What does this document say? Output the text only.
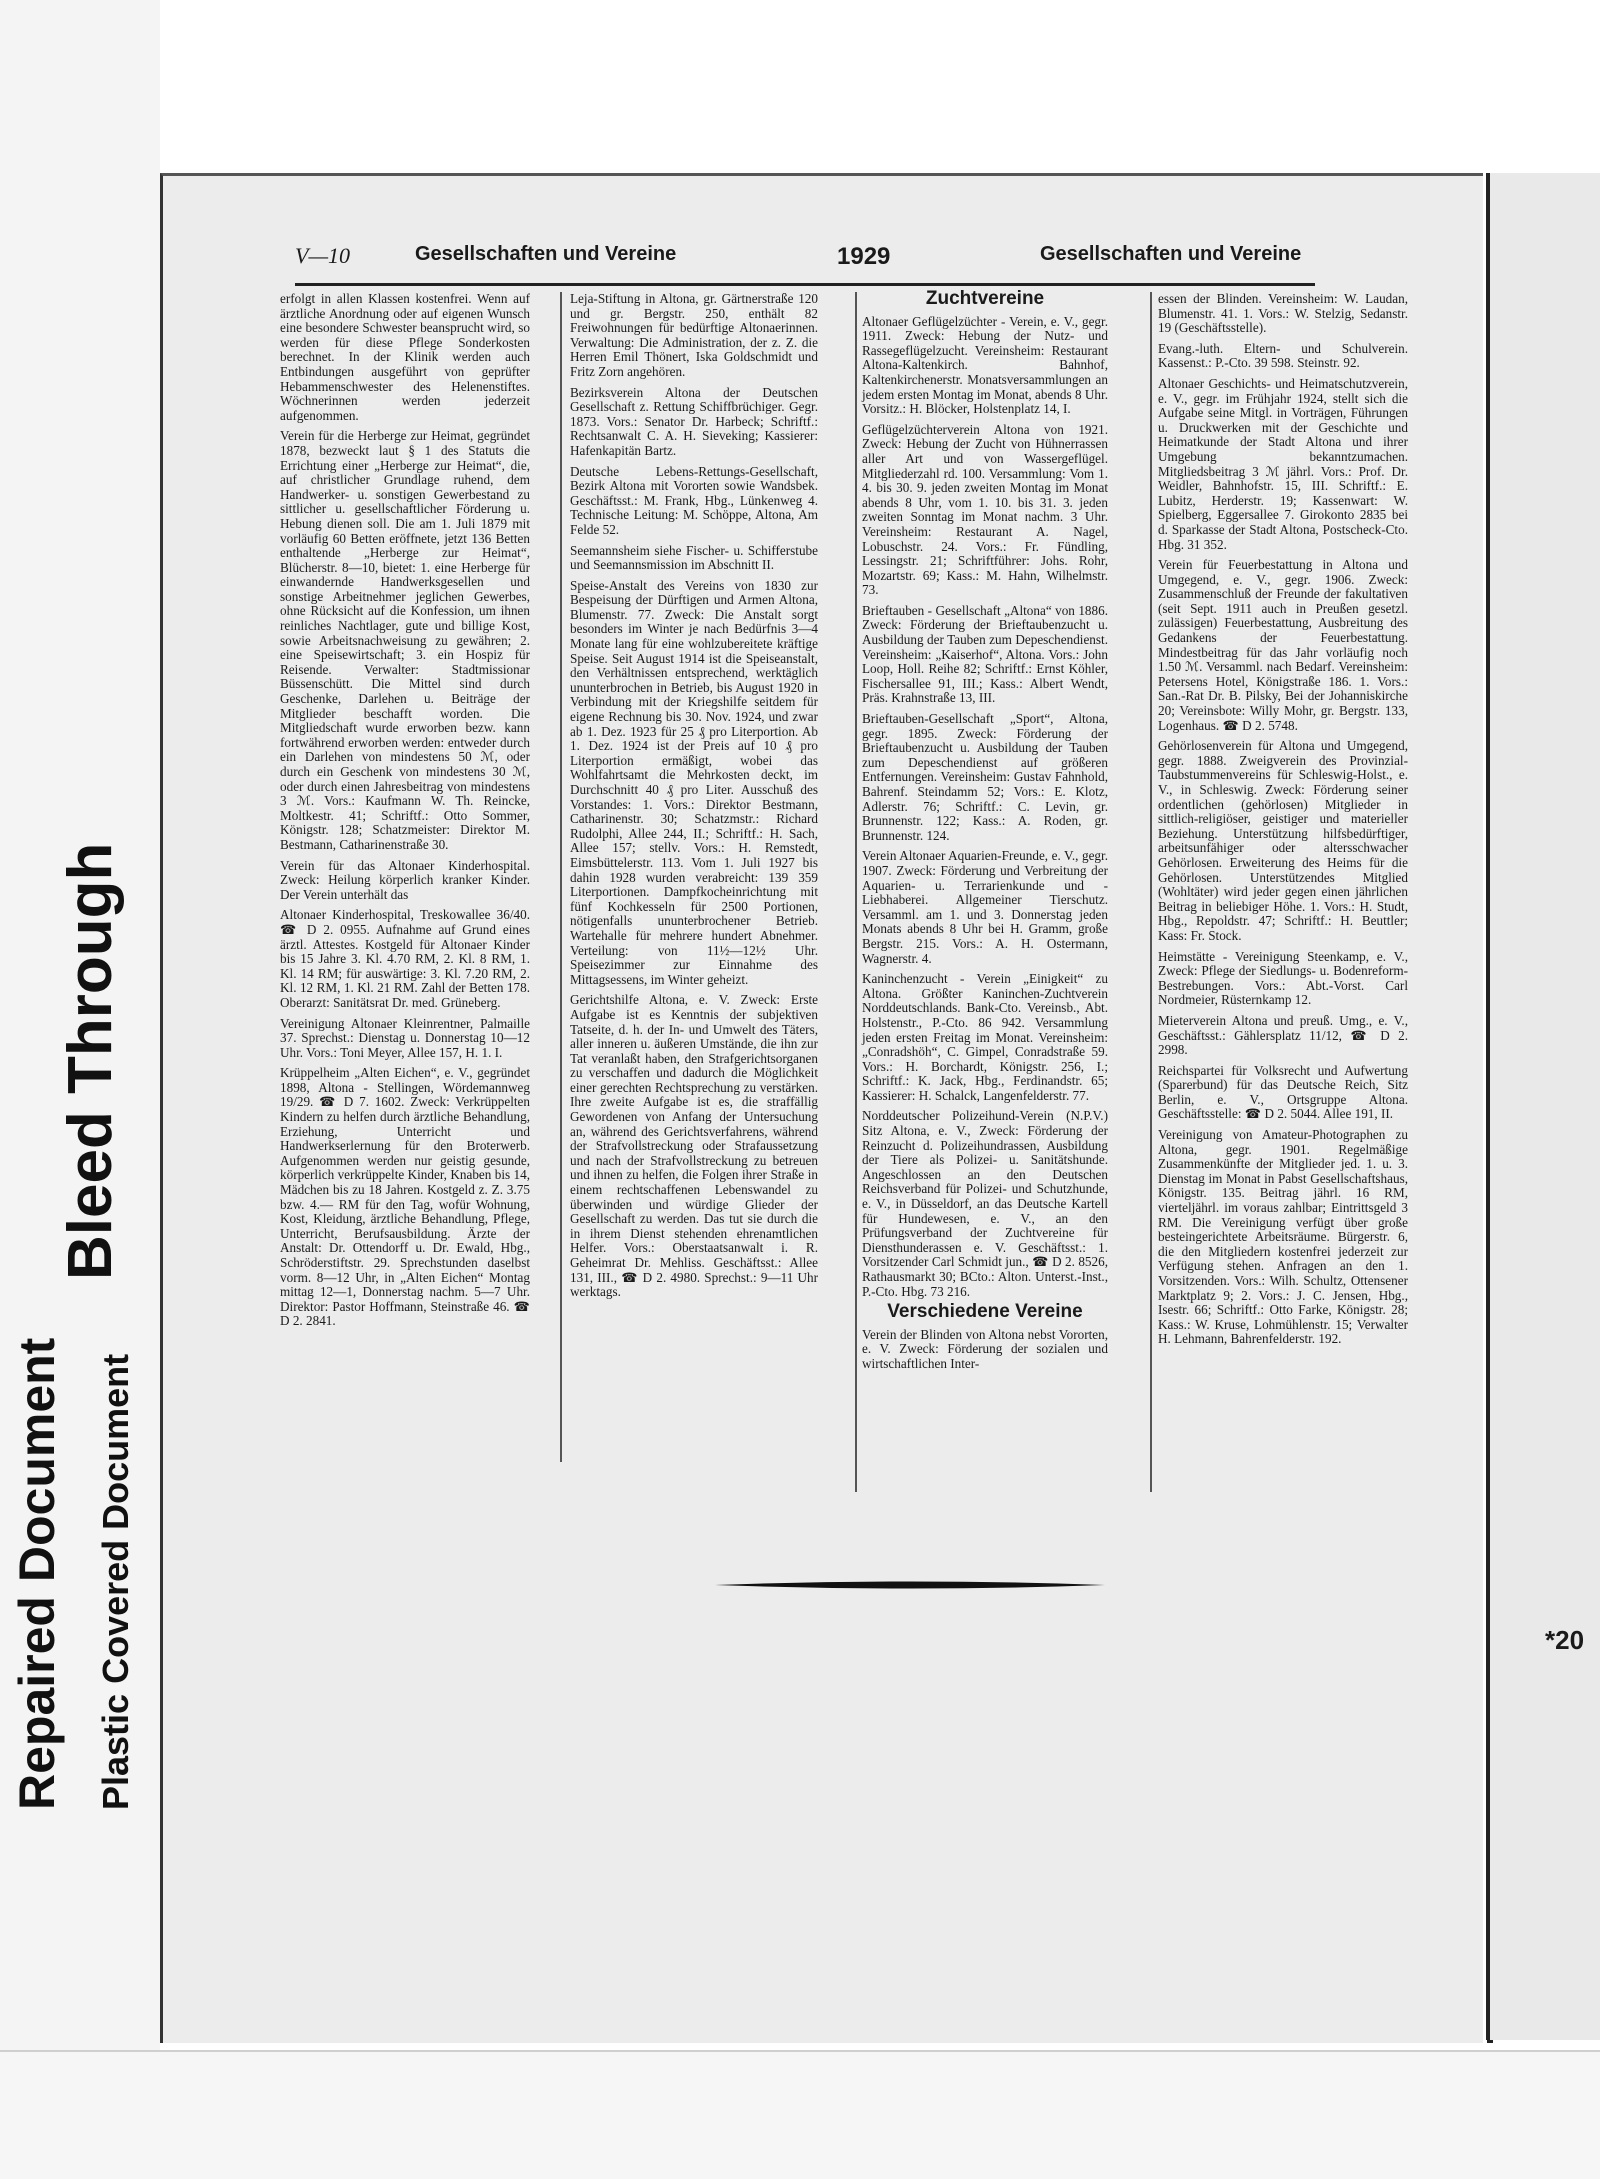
Repaired Document Plastic Covered Document
Bleed Through
*20
V—10	Gesellschaften und Vereine	1929	Gesellschaften und Vereine

erfolgt in allen Klassen kostenfrei. Wenn auf ärztliche Anordnung oder auf eigenen Wunsch eine besondere Schwester beansprucht wird, so werden für diese Pflege Sonderkosten berechnet. In der Klinik werden auch Entbindungen ausgeführt von geprüfter Hebammenschwester des Helenenstiftes. Wöchnerinnen werden jederzeit aufgenommen.

Verein für die Herberge zur Heimat, gegründet 1878, bezweckt laut § 1 des Statuts die Errichtung einer „Herberge zur Heimat“, die, auf christlicher Grundlage ruhend, dem Handwerker- u. sonstigen Gewerbestand zu sittlicher u. gesellschaftlicher Förderung u. Hebung dienen soll. Die am 1. Juli 1879 mit vorläufig 60 Betten eröffnete, jetzt 136 Betten enthaltende „Herberge zur Heimat“, Blücherstr. 8—10, bietet: 1. eine Herberge für einwandernde Handwerksgesellen und sonstige Arbeitnehmer jeglichen Gewerbes, ohne Rücksicht auf die Konfession, um ihnen reinliches Nachtlager, gute und billige Kost, sowie Arbeitsnachweisung zu gewähren; 2. eine Speisewirtschaft; 3. ein Hospiz für Reisende. Verwalter: Stadtmissionar Büssenschütt. Die Mittel sind durch Geschenke, Darlehen u. Beiträge der Mitglieder beschafft worden. Die Mitgliedschaft wurde erworben bezw. kann fortwährend erworben werden: entweder durch ein Darlehen von mindestens 50 ℳ, oder durch ein Geschenk von mindestens 30 ℳ, oder durch einen Jahresbeitrag von mindestens 3 ℳ. Vors.: Kaufmann W. Th. Reincke, Moltkestr. 41; Schriftf.: Otto Sommer, Königstr. 128; Schatzmeister: Direktor M. Bestmann, Catharinenstraße 30.

Verein für das Altonaer Kinderhospital. Zweck: Heilung körperlich kranker Kinder. Der Verein unterhält das

Altonaer Kinderhospital, Treskowallee 36/40. ☎ D 2. 0955. Aufnahme auf Grund eines ärztl. Attestes. Kostgeld für Altonaer Kinder bis 15 Jahre 3. Kl. 4.70 RM, 2. Kl. 8 RM, 1. Kl. 14 RM; für auswärtige: 3. Kl. 7.20 RM, 2. Kl. 12 RM, 1. Kl. 21 RM. Zahl der Betten 178. Oberarzt: Sanitätsrat Dr. med. Grüneberg.

Vereinigung Altonaer Kleinrentner, Palmaille 37. Sprechst.: Dienstag u. Donnerstag 10—12 Uhr. Vors.: Toni Meyer, Allee 157, H. 1. I.

Krüppelheim „Alten Eichen“, e. V., gegründet 1898, Altona - Stellingen, Wördemannweg 19/29. ☎ D 7. 1602. Zweck: Verkrüppelten Kindern zu helfen durch ärztliche Behandlung, Erziehung, Unterricht und Handwerkserlernung für den Broterwerb. Aufgenommen werden nur geistig gesunde, körperlich verkrüppelte Kinder, Knaben bis 14, Mädchen bis zu 18 Jahren. Kostgeld z. Z. 3.75 bzw. 4.— RM für den Tag, wofür Wohnung, Kost, Kleidung, ärztliche Behandlung, Pflege, Unterricht, Berufsausbildung. Ärzte der Anstalt: Dr. Ottendorff u. Dr. Ewald, Hbg., Schröderstiftstr. 29. Sprechstunden daselbst vorm. 8—12 Uhr, in „Alten Eichen“ Montag mittag 12—1, Donnerstag nachm. 5—7 Uhr. Direktor: Pastor Hoffmann, Steinstraße 46. ☎ D 2. 2841.

Leja-Stiftung in Altona, gr. Gärtnerstraße 120 und gr. Bergstr. 250, enthält 82 Freiwohnungen für bedürftige Altonaerinnen. Verwaltung: Die Administration, der z. Z. die Herren Emil Thönert, Iska Goldschmidt und Fritz Zorn angehören.

Bezirksverein Altona der Deutschen Gesellschaft z. Rettung Schiffbrüchiger. Gegr. 1873. Vors.: Senator Dr. Harbeck; Schriftf.: Rechtsanwalt C. A. H. Sieveking; Kassierer: Hafenkapitän Bartz.

Deutsche Lebens-Rettungs-Gesellschaft, Bezirk Altona mit Vororten sowie Wandsbek. Geschäftsst.: M. Frank, Hbg., Lünkenweg 4. Technische Leitung: M. Schöppe, Altona, Am Felde 52.

Seemannsheim siehe Fischer- u. Schifferstube und Seemannsmission im Abschnitt II.

Speise-Anstalt des Vereins von 1830 zur Bespeisung der Dürftigen und Armen Altona, Blumenstr. 77. Zweck: Die Anstalt sorgt besonders im Winter je nach Bedürfnis 3—4 Monate lang für eine wohlzubereitete kräftige Speise. Seit August 1914 ist die Speiseanstalt, den Verhältnissen entsprechend, werktäglich ununterbrochen in Betrieb, bis August 1920 in Verbindung mit der Kriegshilfe seitdem für eigene Rechnung bis 30. Nov. 1924, und zwar ab 1. Dez. 1923 für 25 ₰ pro Literportion. Ab 1. Dez. 1924 ist der Preis auf 10 ₰ pro Literportion ermäßigt, wobei das Wohlfahrtsamt die Mehrkosten deckt, im Durchschnitt 40 ₰ pro Liter. Ausschuß des Vorstandes: 1. Vors.: Direktor Bestmann, Catharinenstr. 30; Schatzmstr.: Richard Rudolphi, Allee 244, II.; Schriftf.: H. Sach, Allee 157; stellv. Vors.: H. Remstedt, Eimsbüttelerstr. 113. Vom 1. Juli 1927 bis dahin 1928 wurden verabreicht: 139 359 Literportionen. Dampfkocheinrichtung mit fünf Kochkesseln für 2500 Portionen, nötigenfalls ununterbrochener Betrieb. Wartehalle für mehrere hundert Abnehmer. Verteilung: von 11½—12½ Uhr. Speisezimmer zur Einnahme des Mittagsessens, im Winter geheizt.

Gerichtshilfe Altona, e. V. Zweck: Erste Aufgabe ist es Kenntnis der subjektiven Tatseite, d. h. der In- und Umwelt des Täters, aller inneren u. äußeren Umstände, die ihn zur Tat veranlaßt haben, den Strafgerichtsorganen zu verschaffen und dadurch die Möglichkeit einer gerechten Rechtsprechung zu verstärken. Ihre zweite Aufgabe ist es, die straffällig Gewordenen von Anfang der Untersuchung an, während des Gerichtsverfahrens, während der Strafvollstreckung oder Strafaussetzung und nach der Strafvollstreckung zu betreuen und ihnen zu helfen, die Folgen ihrer Straße in einem rechtschaffenen Lebenswandel zu überwinden und würdige Glieder der Gesellschaft zu werden. Das tut sie durch die in ihrem Dienst stehenden ehrenamtlichen Helfer. Vors.: Oberstaatsanwalt i. R. Geheimrat Dr. Mehliss. Geschäftsst.: Allee 131, III., ☎ D 2. 4980. Sprechst.: 9—11 Uhr werktags.

Zuchtvereine

Altonaer Geflügelzüchter - Verein, e. V., gegr. 1911. Zweck: Hebung der Nutz- und Rassegeflügelzucht. Vereinsheim: Restaurant Altona-Kaltenkirch. Bahnhof, Kaltenkirchenerstr. Monatsversammlungen an jedem ersten Montag im Monat, abends 8 Uhr. Vorsitz.: H. Blöcker, Holstenplatz 14, I.

Geflügelzüchterverein Altona von 1921. Zweck: Hebung der Zucht von Hühnerrassen aller Art und von Wassergeflügel. Mitgliederzahl rd. 100. Versammlung: Vom 1. 4. bis 30. 9. jeden zweiten Montag im Monat abends 8 Uhr, vom 1. 10. bis 31. 3. jeden zweiten Sonntag im Monat nachm. 3 Uhr. Vereinsheim: Restaurant A. Nagel, Lobuschstr. 24. Vors.: Fr. Fündling, Lessingstr. 21; Schriftführer: Johs. Rohr, Mozartstr. 69; Kass.: M. Hahn, Wilhelmstr. 73.

Brieftauben - Gesellschaft „Altona“ von 1886. Zweck: Förderung der Brieftaubenzucht u. Ausbildung der Tauben zum Depeschendienst. Vereinsheim: „Kaiserhof“, Altona. Vors.: John Loop, Holl. Reihe 82; Schriftf.: Ernst Köhler, Fischersallee 91, III.; Kass.: Albert Wendt, Präs. Krahnstraße 13, III.

Brieftauben-Gesellschaft „Sport“, Altona, gegr. 1895. Zweck: Förderung der Brieftaubenzucht u. Ausbildung der Tauben zum Depeschendienst auf größeren Entfernungen. Vereinsheim: Gustav Fahnhold, Bahrenf. Steindamm 52; Vors.: E. Klotz, Adlerstr. 76; Schriftf.: C. Levin, gr. Brunnenstr. 122; Kass.: A. Roden, gr. Brunnenstr. 124.

Verein Altonaer Aquarien-Freunde, e. V., gegr. 1907. Zweck: Förderung und Verbreitung der Aquarien- u. Terrarienkunde und -Liebhaberei. Allgemeiner Tierschutz. Versamml. am 1. und 3. Donnerstag jeden Monats abends 8 Uhr bei H. Gramm, große Bergstr. 215. Vors.: A. H. Ostermann, Wagnerstr. 4.

Kaninchenzucht - Verein „Einigkeit“ zu Altona. Größter Kaninchen-Zuchtverein Norddeutschlands. Bank-Cto. Vereinsb., Abt. Holstenstr., P.-Cto. 86 942. Versammlung jeden ersten Freitag im Monat. Vereinsheim: „Conradshöh“, C. Gimpel, Conradstraße 59. Vors.: H. Borchardt, Königstr. 256, I.; Schriftf.: K. Jack, Hbg., Ferdinandstr. 65; Kassierer: H. Schalck, Langenfelderstr. 77.

Norddeutscher Polizeihund-Verein (N.P.V.) Sitz Altona, e. V., Zweck: Förderung der Reinzucht d. Polizeihundrassen, Ausbildung der Tiere als Polizei- u. Sanitätshunde. Angeschlossen an den Deutschen Reichsverband für Polizei- und Schutzhunde, e. V., in Düsseldorf, an das Deutsche Kartell für Hundewesen, e. V., an den Prüfungsverband der Zuchtvereine für Diensthunderassen e. V. Geschäftsst.: 1. Vorsitzender Carl Schmidt jun., ☎ D 2. 8526, Rathausmarkt 30; BCto.: Alton. Unterst.-Inst., P.-Cto. Hbg. 73 216.

Verschiedene Vereine

Verein der Blinden von Altona nebst Vororten, e. V. Zweck: Förderung der sozialen und wirtschaftlichen Inter-

essen der Blinden. Vereinsheim: W. Laudan, Blumenstr. 41. 1. Vors.: W. Stelzig, Sedanstr. 19 (Geschäftsstelle).

Evang.-luth. Eltern- und Schulverein. Kassenst.: P.-Cto. 39 598. Steinstr. 92.

Altonaer Geschichts- und Heimatschutzverein, e. V., gegr. im Frühjahr 1924, stellt sich die Aufgabe seine Mitgl. in Vorträgen, Führungen u. Druckwerken mit der Geschichte und Heimatkunde der Stadt Altona und ihrer Umgebung bekanntzumachen. Mitgliedsbeitrag 3 ℳ jährl. Vors.: Prof. Dr. Weidler, Bahnhofstr. 15, III. Schriftf.: E. Lubitz, Herderstr. 19; Kassenwart: W. Spielberg, Eggersallee 7. Girokonto 2835 bei d. Sparkasse der Stadt Altona, Postscheck-Cto. Hbg. 31 352.

Verein für Feuerbestattung in Altona und Umgegend, e. V., gegr. 1906. Zweck: Zusammenschluß der Freunde der fakultativen (seit Sept. 1911 auch in Preußen gesetzl. zulässigen) Feuerbestattung, Ausbreitung des Gedankens der Feuerbestattung. Mindestbeitrag für das Jahr vorläufig noch 1.50 ℳ. Versamml. nach Bedarf. Vereinsheim: Petersens Hotel, Königstraße 186. 1. Vors.: San.-Rat Dr. B. Pilsky, Bei der Johanniskirche 20; Vereinsbote: Willy Mohr, gr. Bergstr. 133, Logenhaus. ☎ D 2. 5748.

Gehörlosenverein für Altona und Umgegend, gegr. 1888. Zweigverein des Provinzial-Taubstummenvereins für Schleswig-Holst., e. V., in Schleswig. Zweck: Förderung seiner ordentlichen (gehörlosen) Mitglieder in sittlich-religiöser, geistiger und materieller Beziehung. Unterstützung hilfsbedürftiger, arbeitsunfähiger oder altersschwacher Gehörlosen. Erweiterung des Heims für die Gehörlosen. Unterstützendes Mitglied (Wohltäter) wird jeder gegen einen jährlichen Beitrag in beliebiger Höhe. 1. Vors.: H. Studt, Hbg., Repoldstr. 47; Schriftf.: H. Beuttler; Kass: Fr. Stock.

Heimstätte - Vereinigung Steenkamp, e. V., Zweck: Pflege der Siedlungs- u. Bodenreform-Bestrebungen. Vors.: Abt.-Vorst. Carl Nordmeier, Rüsternkamp 12.

Mieterverein Altona und preuß. Umg., e. V., Geschäftsst.: Gählersplatz 11/12, ☎ D 2. 2998.

Reichspartei für Volksrecht und Aufwertung (Sparerbund) für das Deutsche Reich, Sitz Berlin, e. V., Ortsgruppe Altona. Geschäftsstelle: ☎ D 2. 5044. Allee 191, II.

Vereinigung von Amateur-Photographen zu Altona, gegr. 1901. Regelmäßige Zusammenkünfte der Mitglieder jed. 1. u. 3. Dienstag im Monat in Pabst Gesellschaftshaus, Königstr. 135. Beitrag jährl. 16 RM, vierteljährl. im voraus zahlbar; Eintrittsgeld 3 RM. Die Vereinigung verfügt über große besteingerichtete Arbeitsräume. Bürgerstr. 6, die den Mitgliedern kostenfrei jederzeit zur Verfügung stehen. Anfragen an den 1. Vorsitzenden. Vors.: Wilh. Schultz, Ottensener Marktplatz 9; 2. Vors.: J. C. Jensen, Hbg., Isestr. 66; Schriftf.: Otto Farke, Königstr. 28; Kass.: W. Kruse, Lohmühlenstr. 15; Verwalter H. Lehmann, Bahrenfelderstr. 192.
